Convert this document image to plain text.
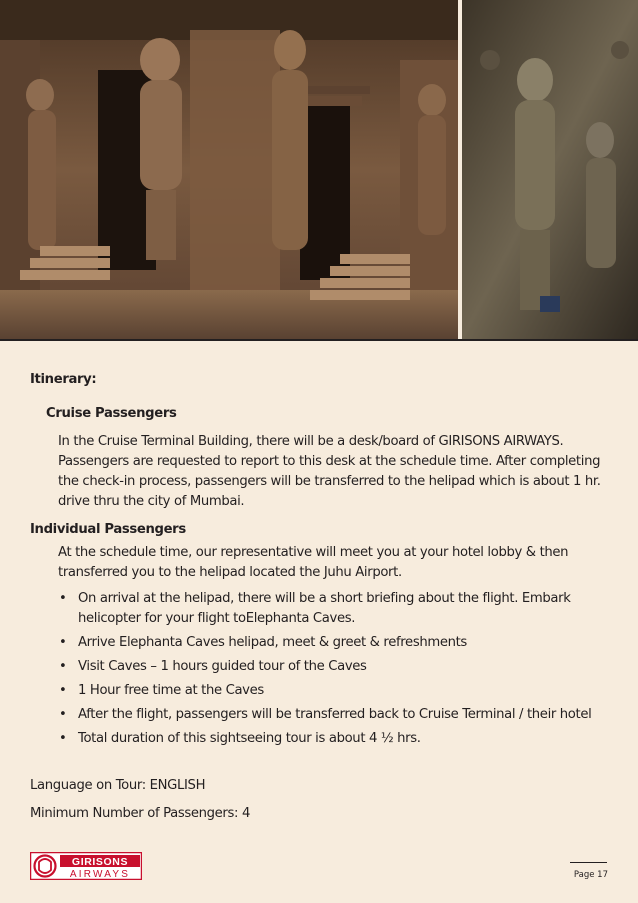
Itinerary:

Cruise Passengers

In the Cruise Terminal Building, there will be a desk/board of GIRISONS AIRWAYS.
Passengers are requested to report to this desk at the schedule time. After completing
the check-in process, passengers will be transferred to the helipad which is about 1 hr.
drive thru the city of Mumbai.

Individual Passengers

At the schedule time, our representative will meet you at your hotel lobby & then
transferred you to the helipad located the Juhu Airport.
• On arrival at the helipad, there will be a short briefing about the flight. Embark
helicopter for your flight toElephanta Caves.
• Arrive Elephanta Caves helipad, meet & greet & refreshments
• Visit Caves – 1 hours guided tour of the Caves
• 1 Hour free time at the Caves
• After the flight, passengers will be transferred back to Cruise Terminal / their hotel
• Total duration of this sightseeing tour is about 4 ½ hrs.

Language on Tour: ENGLISH

Minimum Number of Passengers: 4

GIRISONS
AIRWAYS	Page 17
